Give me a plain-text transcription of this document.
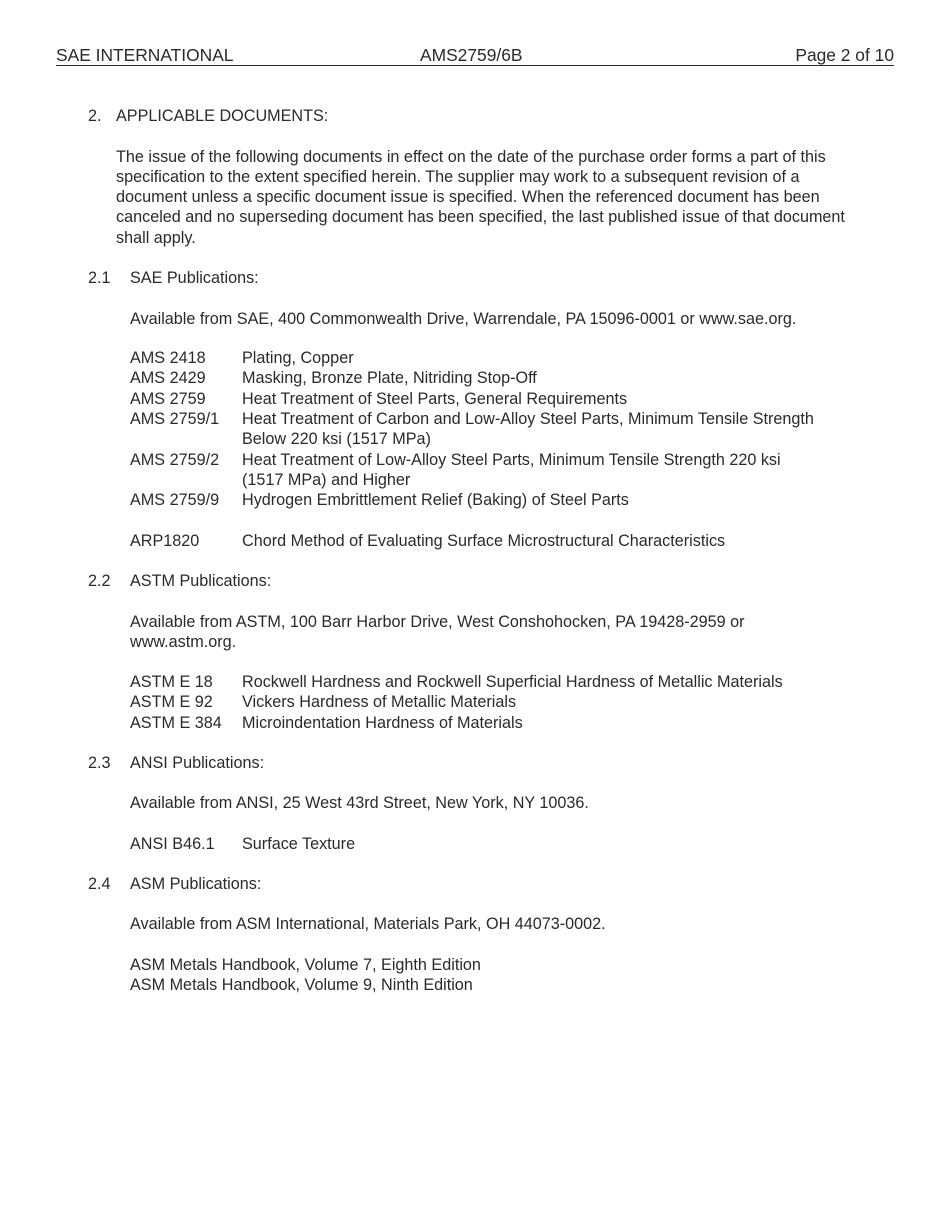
SAE INTERNATIONAL	AMS2759/6B	Page 2 of 10
2. APPLICABLE DOCUMENTS:
The issue of the following documents in effect on the date of the purchase order forms a part of this
specification to the extent specified herein. The supplier may work to a subsequent revision of a
document unless a specific document issue is specified. When the referenced document has been
canceled and no superseding document has been specified, the last published issue of that document
shall apply.
2.1 SAE Publications:
Available from SAE, 400 Commonwealth Drive, Warrendale, PA 15096-0001 or www.sae.org.
AMS 2418 Plating, Copper
AMS 2429 Masking, Bronze Plate, Nitriding Stop-Off
AMS 2759 Heat Treatment of Steel Parts, General Requirements
AMS 2759/1 Heat Treatment of Carbon and Low-Alloy Steel Parts, Minimum Tensile Strength
Below 220 ksi (1517 MPa)
AMS 2759/2 Heat Treatment of Low-Alloy Steel Parts, Minimum Tensile Strength 220 ksi
(1517 MPa) and Higher
AMS 2759/9 Hydrogen Embrittlement Relief (Baking) of Steel Parts
ARP1820	Chord Method of Evaluating Surface Microstructural Characteristics
2.2 ASTM Publications:
Available from ASTM, 100 Barr Harbor Drive, West Conshohocken, PA 19428-2959 or
www.astm.org.
ASTM E 18 Rockwell Hardness and Rockwell Superficial Hardness of Metallic Materials
ASTM E 92 Vickers Hardness of Metallic Materials
ASTM E 384 Microindentation Hardness of Materials
2.3 ANSI Publications:
Available from ANSI, 25 West 43rd Street, New York, NY 10036.
ANSI B46.1 Surface Texture
2.4 ASM Publications:
Available from ASM International, Materials Park, OH 44073-0002.
ASM Metals Handbook, Volume 7, Eighth Edition
ASM Metals Handbook, Volume 9, Ninth Edition
